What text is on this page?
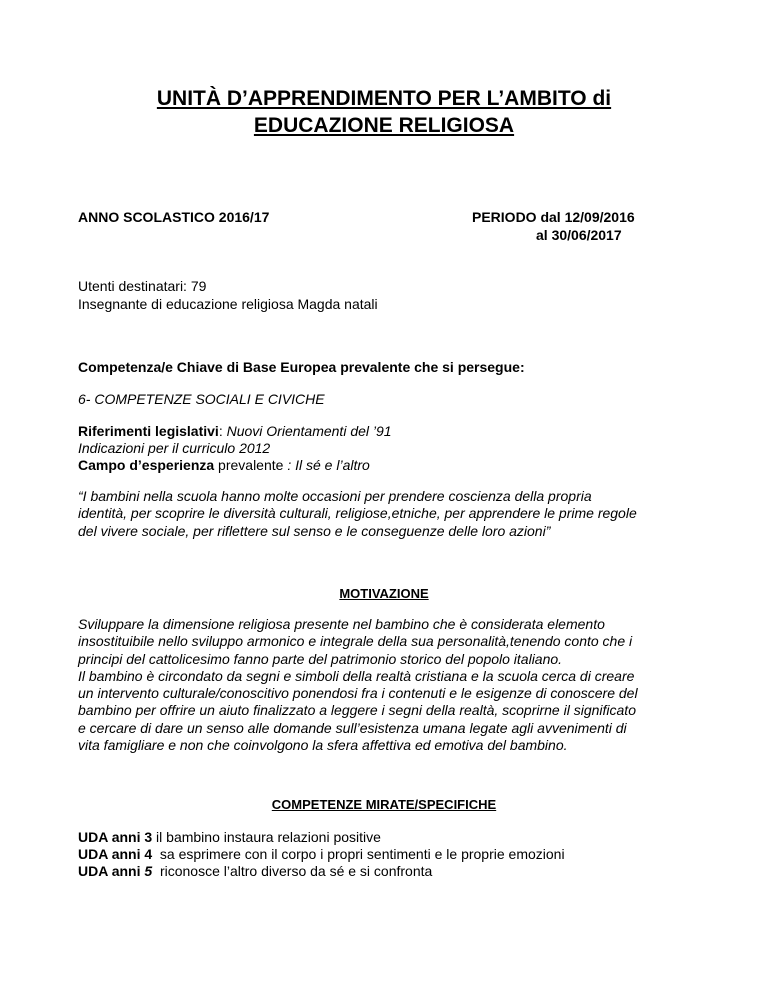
UNITÀ D’APPRENDIMENTO PER L’AMBITO di
EDUCAZIONE RELIGIOSA
ANNO SCOLASTICO 2016/17	PERIODO dal 12/09/2016
al 30/06/2017
Utenti destinatari: 79
Insegnante di educazione religiosa Magda natali
Competenza/e Chiave di Base Europea prevalente che si persegue:
6- COMPETENZE SOCIALI E CIVICHE
Riferimenti legislativi: Nuovi Orientamenti del ’91
Indicazioni per il curriculo 2012
Campo d’esperienza prevalente : Il sé e l’altro
“I bambini nella scuola hanno molte occasioni per prendere coscienza della propria
identità, per scoprire le diversità culturali, religiose,etniche, per apprendere le prime regole
del vivere sociale, per riflettere sul senso e le conseguenze delle loro azioni”
MOTIVAZIONE
Sviluppare la dimensione religiosa presente nel bambino che è considerata elemento
insostituibile nello sviluppo armonico e integrale della sua personalità,tenendo conto che i
principi del cattolicesimo fanno parte del patrimonio storico del popolo italiano.
Il bambino è circondato da segni e simboli della realtà cristiana e la scuola cerca di creare
un intervento culturale/conoscitivo ponendosi fra i contenuti e le esigenze di conoscere del
bambino per offrire un aiuto finalizzato a leggere i segni della realtà, scoprirne il significato
e cercare di dare un senso alle domande sull’esistenza umana legate agli avvenimenti di
vita famigliare e non che coinvolgono la sfera affettiva ed emotiva del bambino.
COMPETENZE MIRATE/SPECIFICHE
UDA anni 3 il bambino instaura relazioni positive
UDA anni 4  sa esprimere con il corpo i propri sentimenti e le proprie emozioni
UDA anni 5  riconosce l’altro diverso da sé e si confronta
